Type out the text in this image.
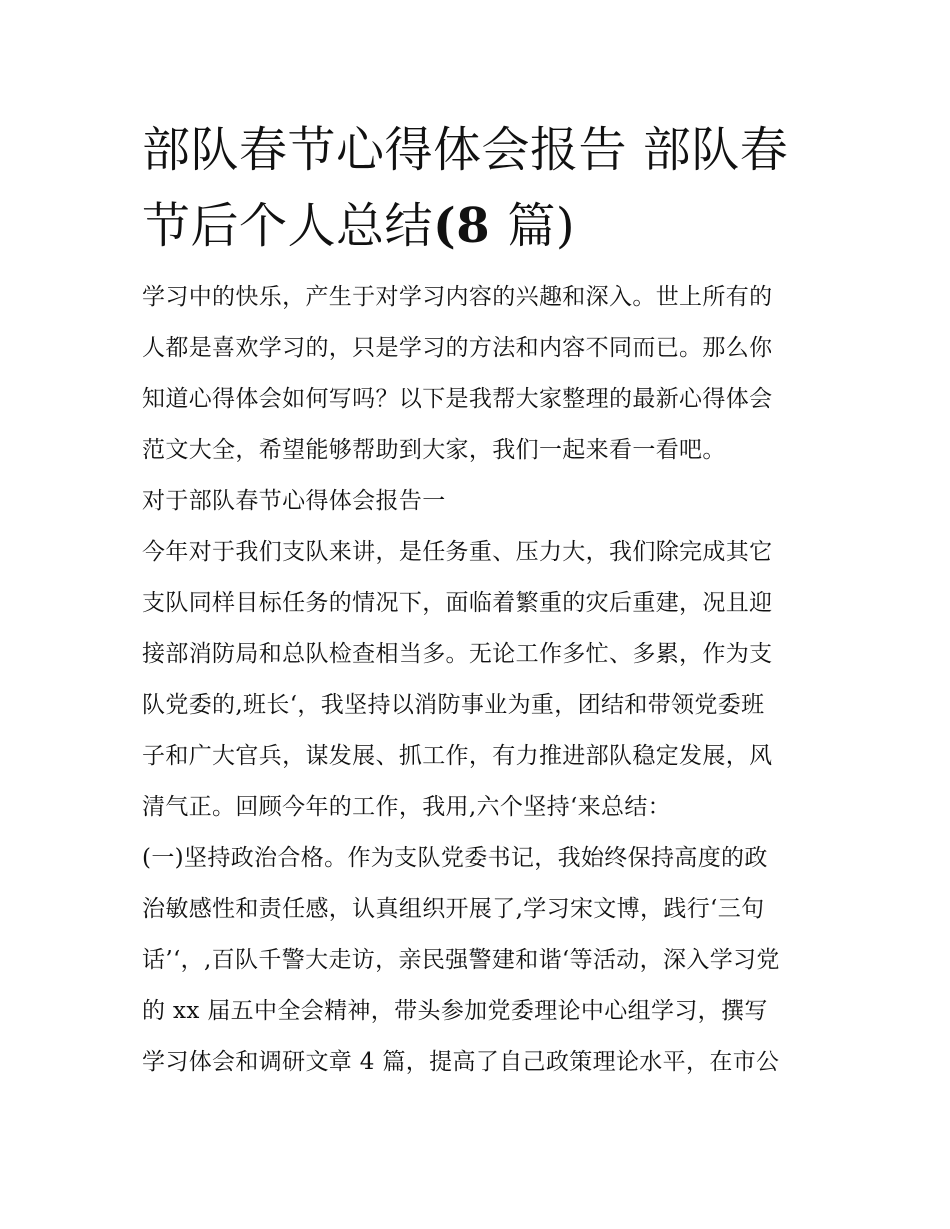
部队春节心得体会报告 部队春
节后个人总结(8 篇)
学习中的快乐，产生于对学习内容的兴趣和深入。世上所有的
人都是喜欢学习的，只是学习的方法和内容不同而已。那么你
知道心得体会如何写吗？以下是我帮大家整理的最新心得体会
范文大全，希望能够帮助到大家，我们一起来看一看吧。
对于部队春节心得体会报告一
今年对于我们支队来讲，是任务重、压力大，我们除完成其它
支队同样目标任务的情况下，面临着繁重的灾后重建，况且迎
接部消防局和总队检查相当多。无论工作多忙、多累，作为支
队党委的,班长‘，我坚持以消防事业为重，团结和带领党委班
子和广大官兵，谋发展、抓工作，有力推进部队稳定发展，风
清气正。回顾今年的工作，我用,六个坚持‘来总结：
(一)坚持政治合格。作为支队党委书记，我始终保持高度的政
治敏感性和责任感，认真组织开展了,学习宋文博，践行‘三句
话’‘，,百队千警大走访，亲民强警建和谐‘等活动，深入学习党
的 xx 届五中全会精神，带头参加党委理论中心组学习，撰写
学习体会和调研文章 4 篇，提高了自己政策理论水平，在市公
